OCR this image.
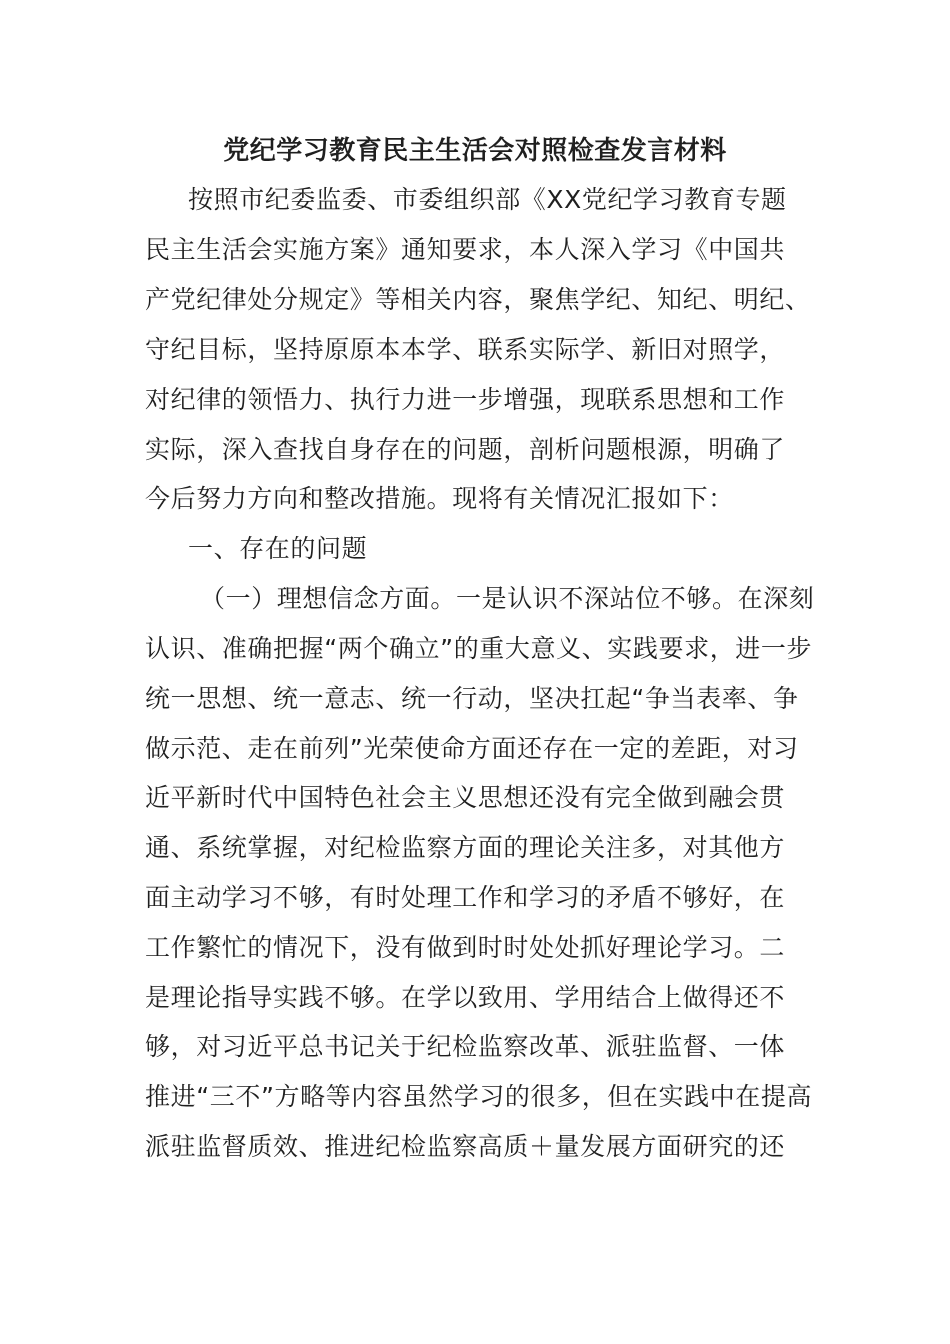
党纪学习教育民主生活会对照检查发言材料
按照市纪委监委、市委组织部《XX党纪学习教育专题
民主生活会实施方案》通知要求，本人深入学习《中国共
产党纪律处分规定》等相关内容，聚焦学纪、知纪、明纪、
守纪目标，坚持原原本本学、联系实际学、新旧对照学，
对纪律的领悟力、执行力进一步增强，现联系思想和工作
实际，深入查找自身存在的问题，剖析问题根源，明确了
今后努力方向和整改措施。现将有关情况汇报如下：
一、存在的问题
（一）理想信念方面。一是认识不深站位不够。在深刻
认识、准确把握“两个确立”的重大意义、实践要求，进一步
统一思想、统一意志、统一行动，坚决扛起“争当表率、争
做示范、走在前列”光荣使命方面还存在一定的差距，对习
近平新时代中国特色社会主义思想还没有完全做到融会贯
通、系统掌握，对纪检监察方面的理论关注多，对其他方
面主动学习不够，有时处理工作和学习的矛盾不够好，在
工作繁忙的情况下，没有做到时时处处抓好理论学习。二
是理论指导实践不够。在学以致用、学用结合上做得还不
够，对习近平总书记关于纪检监察改革、派驻监督、一体
推进“三不”方略等内容虽然学习的很多，但在实践中在提高
派驻监督质效、推进纪检监察高质＋量发展方面研究的还
